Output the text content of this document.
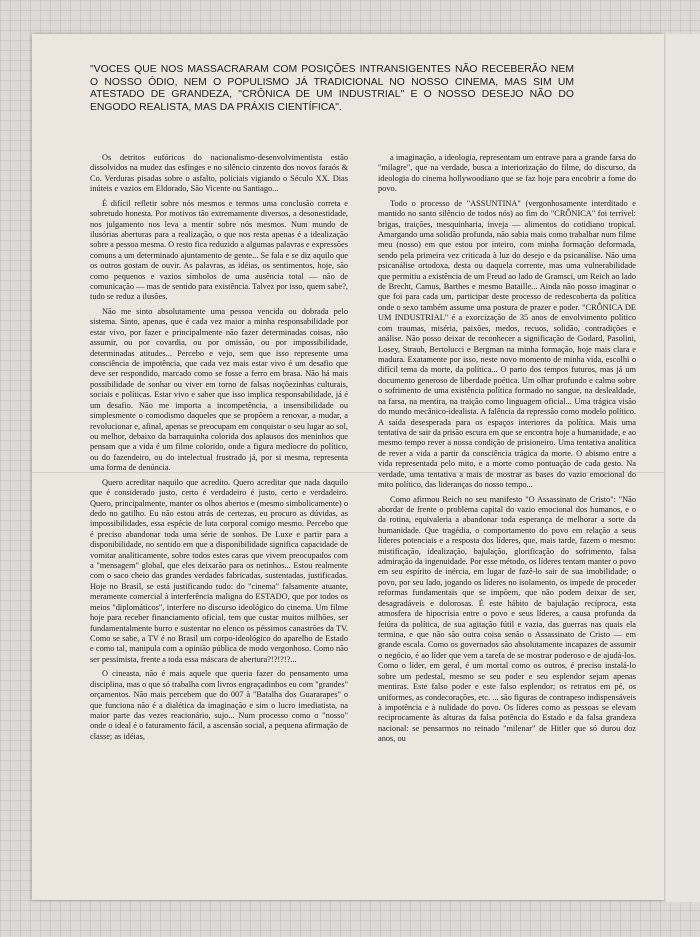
"VOCES QUE NOS MASSACRARAM COM POSIÇÕES INTRANSIGENTES NÃO RECEBERÃO NEM O NOSSO ÓDIO, NEM O POPULISMO JÁ TRADICIONAL NO NOSSO CINEMA, MAS SIM UM ATESTADO DE GRANDEZA, "CRÔNICA DE UM INDUSTRIAL" E O NOSSO DESEJO NÃO DO ENGODO REALISTA, MAS DA PRÁXIS CIENTÍFICA".

Os detritos eufóricos do nacionalismo-desenvolvimentista estão dissolvidos na mudez das esfinges e no silêncio cinzento dos novos faraós & Co. Verduras pisadas sobre o asfalto, policiais vigiando o Século XX. Dias inúteis e vazios em Eldorado, São Vicente ou Santiago...

É difícil refletir sobre nós mesmos e termos uma conclusão correta e sobretudo honesta. Por motivos tão extremamente diversos, a desonestidade, nos julgamento nos leva a mentir sobre nós mesmos. Num mundo de ilusórias aberturas para a realização, o que nos resta apenas é a idealização sobre a pessoa mesma. O resto fica reduzido a algumas palavras e expressões comuns a um determinado ajuntamento de gente... Se fala e se diz aquilo que os outros gostam de ouvir. As palavras, as idéias, os sentimentos, hoje, são como pequenos e vazios símbolos de uma ausência total — não de comunicação — mas de sentido para existência. Talvez por isso, quem sabe?, tudo se reduz a ilusões.

Não me sinto absolutamente uma pessoa vencida ou dobrada pelo sistema. Sinto, apenas, que é cada vez maior a minha responsabilidade por estar vivo, por fazer e principalmente não fazer determinadas coisas, não assumir, ou por covardia, ou por omissão, ou por impossibilidade, determinadas atitudes... Percebo e vejo, sem que isso represente uma consciência de impotência, que cada vez mais estar vivo é um desafio que deve ser respondido, marcado como se fosse a ferro em brasa. Não há mais possibilidade de sonhar ou viver em torno de falsas noçõezinhas culturais, sociais e políticas. Estar vivo e saber que isso implica responsabilidade, já é um desafio. Não me importa a incompetência, a insensibilidade ou simplesmente o comodismo daqueles que se propõem a renovar, a mudar, a revolucionar e, afinal, apenas se preocupam em conquistar o seu lugar ao sol, ou melhor, debaixo da barraquinha colorida dos aplausos dos meninhos que pensam que a vida é um filme colorido, onde a figura medíocre do político, ou do fazendeiro, ou do intelectual frustrado já, por si mesma, representa uma forma de denúncia.

Quero acreditar naquilo que acredito. Quero acreditar que nada daquilo que é considerado justo, certo é verdadeiro é justo, certo e verdadeiro. Quero, principalmente, manter os olhos abertos e (mesmo simbolicamente) o dedo no gatilho. Eu não estou atrás de certezas, eu procuro as dúvidas, as impossibilidades, essa espécie de luta corporal comigo mesmo. Percebo que é preciso abandonar toda uma série de sonhos. De Luxe e partir para a disponibilidade, no sentido em que a disponibilidade significa capacidade de vomitar analiticamente, sobre todos estes caras que vivem preocupados com a "mensagem" global, que eles deixarão para os netinhos... Estou realmente com o saco cheio das grandes verdades fabricadas, sustentadas, justificadas. Hoje no Brasil, se está justificando tudo: do "cinema" falsamente atuante, meramente comercial à interferência maligna do ESTADO, que por todos os meios "diplomáticos", interfere no discurso ideológico do cinema. Um filme hoje para receber financiamento oficial, tem que custar muitos milhões, ser fundamentalmente burro e sustentar no elenco os péssimos canastrões da TV. Como se sabe, a TV é no Brasil um corpo-ideológico do aparelho de Estado e como tal, manipula com a opinião pública de modo vergonhoso. Como não ser pessimista, frente a toda essa máscara de abertura?!?!?!?...

O cineasta, não é mais aquele que queria fazer do pensamento uma disciplina, mas o que só trabalha com livros engraçadinhos eu com "grandes" orçamentos. Não mais percebem que do 007 à "Batalha dos Guararapes" o que funciona não é a dialética da imaginação e sim o lucro imediatista, na maior parte das vezes reacionário, sujo... Num processo como o "nosso" onde o ideal é o faturamento fácil, a ascensão social, a pequena afirmação de classe; as idéias,

a imaginação, a ideologia, representam um entrave para a grande farsa do "milagre", que na verdade, busca a interiorização do filme, do discurso, da ideologia do cinema hollywoodiano que se faz hoje para encobrir a fome do povo.

Todo o processo de "ASSUNTINA" (vergonhosamente interditado e mantido no santo silêncio de todos nós) ao fim do "CRÔNICA" foi terrível: brigas, traições, mesquinharia, inveja — alimentos do cotidiano tropical. Amargando uma solidão profunda, não sabia mais como trabalhar num filme meu (nosso) em que estou por inteiro, com minha formação deformada, sendo pela primeira vez criticada à luz do desejo e da psicanálise. Não uma psicanálise ortodoxa, desta ou daquela corrente, mas uma vulnerabilidade que permitiu a existência de um Freud ao lado de Gramsci, um Reich ao lado de Brecht, Camus, Barthes e mesmo Bataille... Ainda não posso imaginar o que foi para cada um, participar deste processo de redescoberta da política onde o sexo também assume uma postura de prazer e poder. "CRÔNICA DE UM INDUSTRIAL" é a exorcização de 35 anos de envolvimento político com traumas, miséria, paixões, medos, recuos, solidão, contradições e análise. Não posso deixar de reconhecer a significação de Godard, Pasolini, Losey, Straub, Bertolucci e Bergman na minha formação, hoje mais clara e madura. Exatamente por isso, neste novo momento de minha vida, escolhi o difícil tema da morte, da política... O parto dos tempos futuros, mas já um documento generoso de liberdade poética. Um olhar profundo e calmo sobre o sofrimento de uma existência política formado no sangue, na deslealdade, na farsa, na mentira, na traição como linguagem oficial... Uma trágica visão do mundo mecânico-idealista. A falência da repressão como modelo político. A saída desesperada para os espaços interiores da política. Mais uma tentativa de sair da prisão escura em que se encontra hoje a humanidade, e ao mesmo tempo rever a nossa condição de prisioneiro. Uma tentativa analítica de rever a vida a partir da consciência trágica da morte. O abismo entre a vida representada pelo mito, e a morte como pontuação de cada gesto. Na verdade, uma tentativa a mais de mostrar as bases do vazio emocional do mito político, das lideranças do nosso tempo...

Como afirmou Reich no seu manifesto "O Assassinato de Cristo": "Não abordar de frente o problema capital do vazio emocional dos humanos, e o da rotina, equivaleria a abandonar toda esperança de melhorar a sorte da humanidade. Que tragédia, o comportamento do povo em relação a seus líderes potenciais e a resposta dos líderes, que, mais tarde, fazem o mesmo: mistificação, idealização, bajulação, glorificação do sofrimento, falsa admiração da ingenuidade. Por esse método, os líderes tentam manter o povo em seu espírito de inércia, em lugar de fazê-lo sair de sua imobilidade; o povo, por seu lado, jogando os líderes no isolamento, os impede de proceder reformas fundamentais que se impõem, que não podem deixar de ser, desagradáveis e dolorosas. É este hábito de bajulação recíproca, esta atmosfera de hipocrisia entre o povo e seus líderes, a causa profunda da feiúra da política, de sua agitação fútil e vazia, das guerras nas quais ela termina, e que não são outra coisa senão o Assassinato de Cristo — em grande escala. Como os governados são absolutamente incapazes de assumir o negócio, é ao líder que vem a tarefa de se mostrar poderoso e de ajudá-los. Como o líder, em geral, é um mortal como os outros, é preciso instalá-lo sobre um pedestal, mesmo se seu poder e seu esplendor sejam apenas mentiras. Este falso poder e este falso esplendor; os retratos em pé, os uniformes, as condecorações, etc. ... são figuras de contrapeso indispensáveis à impotência e à nulidade do povo. Os líderes como as pessoas se elevam reciprocamente às alturas da falsa potência do Estado e da falsa grandeza nacional: se pensarmos no reinado "milenar" de Hitler que só durou doz anos, ou
